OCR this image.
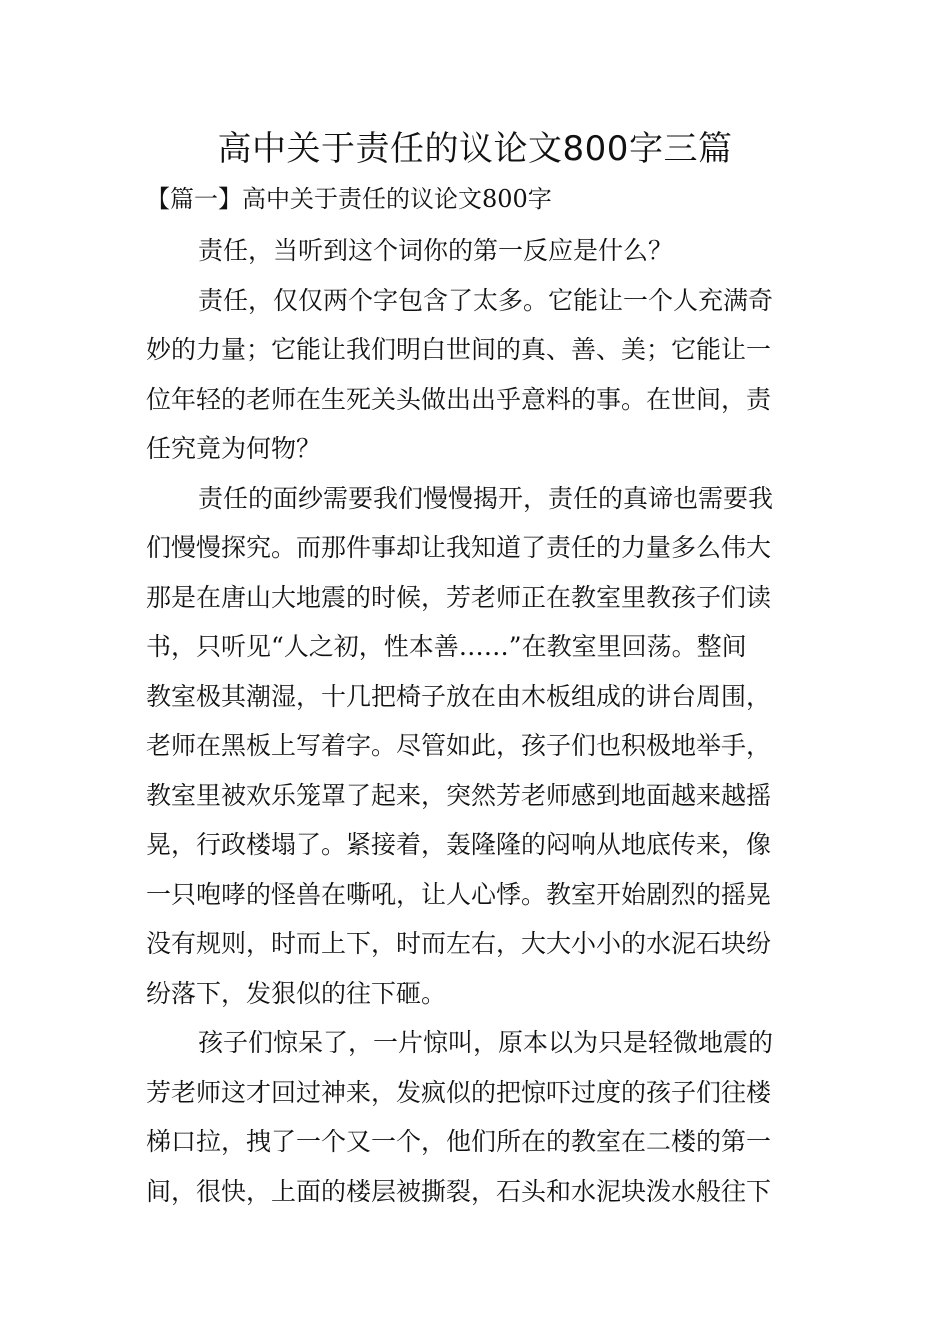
高中关于责任的议论文800字三篇
【篇一】高中关于责任的议论文800字
责任，当听到这个词你的第一反应是什么？
责任，仅仅两个字包含了太多。它能让一个人充满奇
妙的力量；它能让我们明白世间的真、善、美；它能让一
位年轻的老师在生死关头做出出乎意料的事。在世间，责
任究竟为何物？
责任的面纱需要我们慢慢揭开，责任的真谛也需要我
们慢慢探究。而那件事却让我知道了责任的力量多么伟大
那是在唐山大地震的时候，芳老师正在教室里教孩子们读
书，只听见“人之初，性本善……”在教室里回荡。整间
教室极其潮湿，十几把椅子放在由木板组成的讲台周围，
老师在黑板上写着字。尽管如此，孩子们也积极地举手，
教室里被欢乐笼罩了起来，突然芳老师感到地面越来越摇
晃，行政楼塌了。紧接着，轰隆隆的闷响从地底传来，像
一只咆哮的怪兽在嘶吼，让人心悸。教室开始剧烈的摇晃
没有规则，时而上下，时而左右，大大小小的水泥石块纷
纷落下，发狠似的往下砸。
孩子们惊呆了，一片惊叫，原本以为只是轻微地震的
芳老师这才回过神来，发疯似的把惊吓过度的孩子们往楼
梯口拉，拽了一个又一个，他们所在的教室在二楼的第一
间，很快，上面的楼层被撕裂，石头和水泥块泼水般往下
